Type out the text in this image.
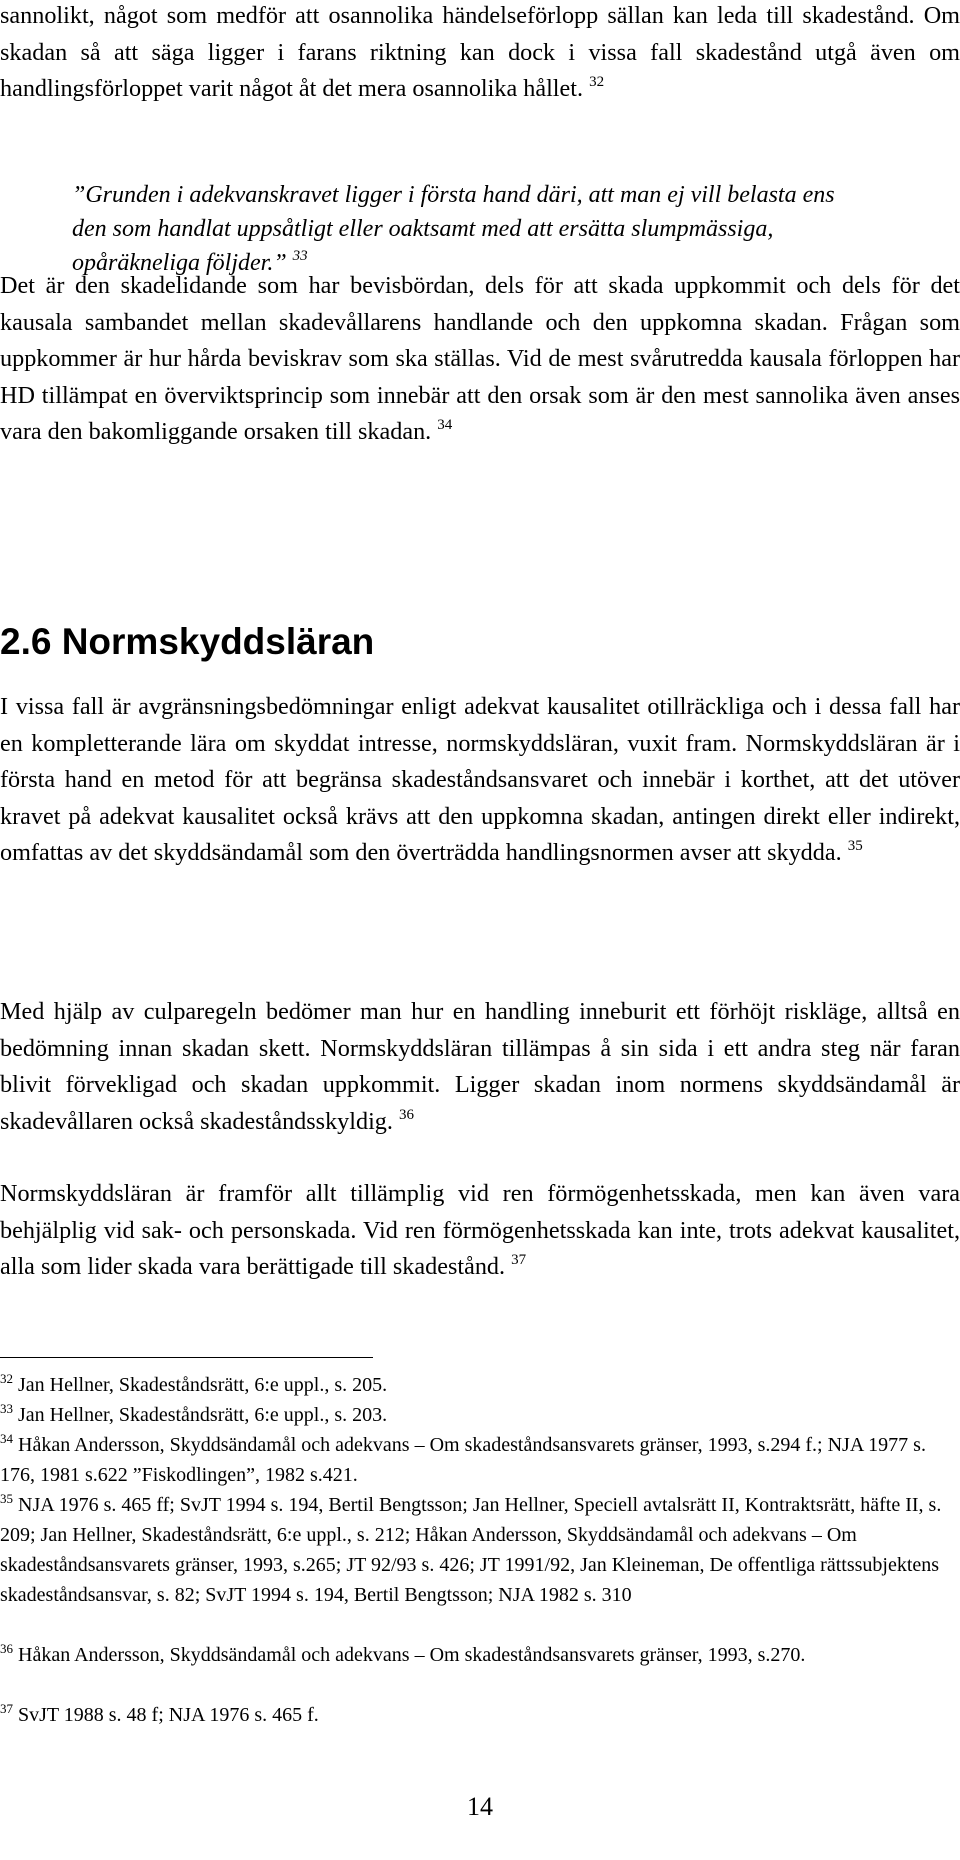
sannolikt, något som medför att osannolika händelseförlopp sällan kan leda till skadestånd. Om skadan så att säga ligger i farans riktning kan dock i vissa fall skadestånd utgå även om handlingsförloppet varit något åt det mera osannolika hållet. $^{32}$

”Grunden i adekvanskravet ligger i första hand däri, att man ej vill belasta ens den som handlat uppsåtligt eller oaktsamt med att ersätta slumpmässiga, opåräkneliga följder.” $^{33}$

Det är den skadelidande som har bevisbördan, dels för att skada uppkommit och dels för det kausala sambandet mellan skadevållarens handlande och den uppkomna skadan. Frågan som uppkommer är hur hårda beviskrav som ska ställas. Vid de mest svårutredda kausala förloppen har HD tillämpat en överviktsprincip som innebär att den orsak som är den mest sannolika även anses vara den bakomliggande orsaken till skadan. $^{34}$

2.6 Normskyddsläran

I vissa fall är avgränsningsbedömningar enligt adekvat kausalitet otillräckliga och i dessa fall har en kompletterande lära om skyddat intresse, normskyddsläran, vuxit fram. Normskyddsläran är i första hand en metod för att begränsa skadeståndsansvaret och innebär i korthet, att det utöver kravet på adekvat kausalitet också krävs att den uppkomna skadan, antingen direkt eller indirekt, omfattas av det skyddsändamål som den överträdda handlingsnormen avser att skydda. $^{35}$

Med hjälp av culparegeln bedömer man hur en handling inneburit ett förhöjt riskläge, alltså en bedömning innan skadan skett. Normskyddsläran tillämpas å sin sida i ett andra steg när faran blivit förvekligad och skadan uppkommit. Ligger skadan inom normens skyddsändamål är skadevållaren också skadeståndsskyldig. $^{36}$

Normskyddsläran är framför allt tillämplig vid ren förmögenhetsskada, men kan även vara behjälplig vid sak- och personskada. Vid ren förmögenhetsskada kan inte, trots adekvat kausalitet, alla som lider skada vara berättigade till skadestånd. $^{37}$

$^{32}$ Jan Hellner, Skadeståndsrätt, 6:e uppl., s. 205.

$^{33}$ Jan Hellner, Skadeståndsrätt, 6:e uppl., s. 203.

$^{34}$ Håkan Andersson, Skyddsändamål och adekvans – Om skadeståndsansvarets gränser, 1993, s.294 f.; NJA 1977 s. 176, 1981 s.622 ”Fiskodlingen”, 1982 s.421.

$^{35}$ NJA 1976 s. 465 ff; SvJT 1994 s. 194, Bertil Bengtsson; Jan Hellner, Speciell avtalsrätt II, Kontraktsrätt, häfte II, s. 209; Jan Hellner, Skadeståndsrätt, 6:e uppl., s. 212; Håkan Andersson, Skyddsändamål och adekvans – Om skadeståndsansvarets gränser, 1993, s.265; JT 92/93 s. 426; JT 1991/92, Jan Kleineman, De offentliga rättssubjektens skadeståndsansvar, s. 82; SvJT 1994 s. 194, Bertil Bengtsson; NJA 1982 s. 310

$^{36}$ Håkan Andersson, Skyddsändamål och adekvans – Om skadeståndsansvarets gränser, 1993, s.270.

$^{37}$ SvJT 1988 s. 48 f; NJA 1976 s. 465 f.

14
